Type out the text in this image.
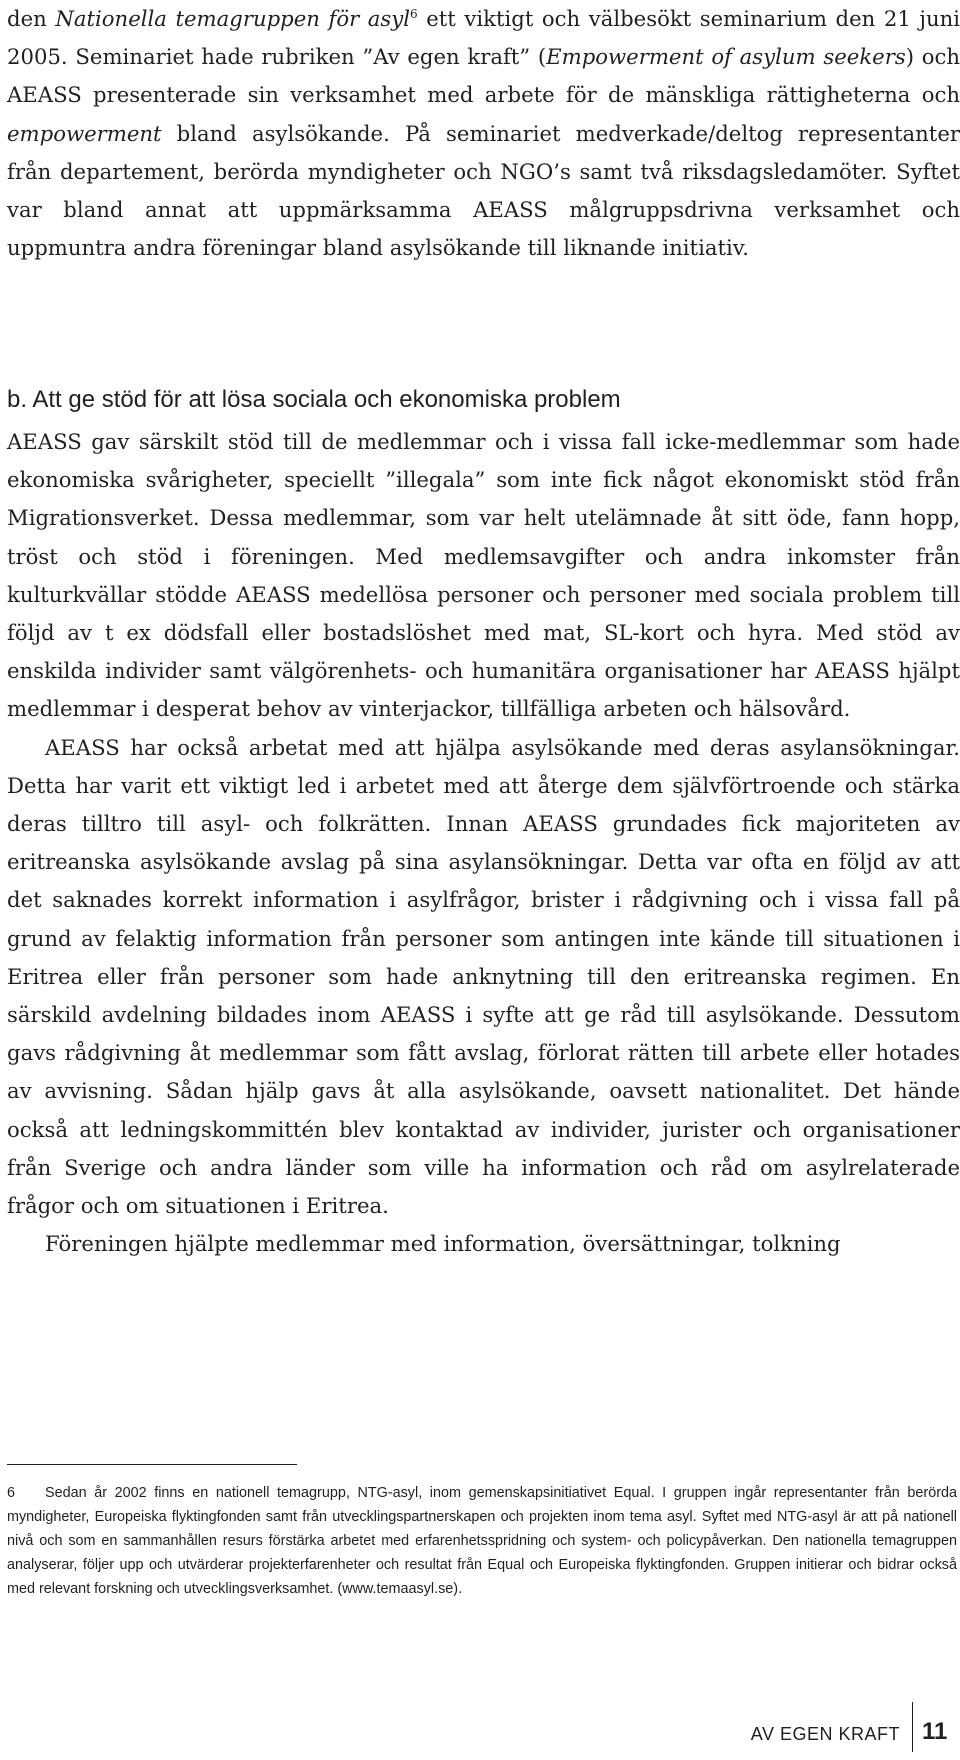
den Nationella temagruppen för asyl$^6$ ett viktigt och välbesökt seminarium den 21 juni 2005. Seminariet hade rubriken ”Av egen kraft” (Empowerment of asylum seekers) och AEASS presenterade sin verksamhet med arbete för de mänskliga rättigheterna och empowerment bland asylsökande. På seminariet medverkade/deltog representanter från departement, berörda myndigheter och NGO’s samt två riksdagsledamöter. Syftet var bland annat att uppmärksamma AEASS målgruppsdrivna verksamhet och uppmuntra andra föreningar bland asylsökande till liknande initiativ.

b. Att ge stöd för att lösa sociala och ekonomiska problem

AEASS gav särskilt stöd till de medlemmar och i vissa fall icke-medlemmar som hade ekonomiska svårigheter, speciellt ”illegala” som inte fick något ekonomiskt stöd från Migrationsverket. Dessa medlemmar, som var helt utelämnade åt sitt öde, fann hopp, tröst och stöd i föreningen. Med medlemsavgifter och andra inkomster från kulturkvällar stödde AEASS medellösa personer och personer med sociala problem till följd av t ex dödsfall eller bostadslöshet med mat, SL-kort och hyra. Med stöd av enskilda individer samt välgörenhets- och humanitära organisationer har AEASS hjälpt medlemmar i desperat behov av vinterjackor, tillfälliga arbeten och hälsovård.

AEASS har också arbetat med att hjälpa asylsökande med deras asylansökningar. Detta har varit ett viktigt led i arbetet med att återge dem självförtroende och stärka deras tilltro till asyl- och folkrätten. Innan AEASS grundades fick majoriteten av eritreanska asylsökande avslag på sina asylansökningar. Detta var ofta en följd av att det saknades korrekt information i asylfrågor, brister i rådgivning och i vissa fall på grund av felaktig information från personer som antingen inte kände till situationen i Eritrea eller från personer som hade anknytning till den eritreanska regimen. En särskild avdelning bildades inom AEASS i syfte att ge råd till asylsökande. Dessutom gavs rådgivning åt medlemmar som fått avslag, förlorat rätten till arbete eller hotades av avvisning. Sådan hjälp gavs åt alla asylsökande, oavsett nationalitet. Det hände också att ledningskommittén blev kontaktad av individer, jurister och organisationer från Sverige och andra länder som ville ha information och råd om asylrelaterade frågor och om situationen i Eritrea.

Föreningen hjälpte medlemmar med information, översättningar, tolkning

6 Sedan år 2002 finns en nationell temagrupp, NTG-asyl, inom gemenskapsinitiativet Equal. I gruppen ingår representanter från berörda myndigheter, Europeiska flyktingfonden samt från utvecklingspartnerskapen och projekten inom tema asyl. Syftet med NTG-asyl är att på nationell nivå och som en sammanhållen resurs förstärka arbetet med erfarenhetsspridning och system- och policypåverkan. Den nationella temagruppen analyserar, följer upp och utvärderar projekterfarenheter och resultat från Equal och Europeiska flyktingfonden. Gruppen initierar och bidrar också med relevant forskning och utvecklingsverksamhet. (www.temaasyl.se).

AV EGEN KRAFT 11
